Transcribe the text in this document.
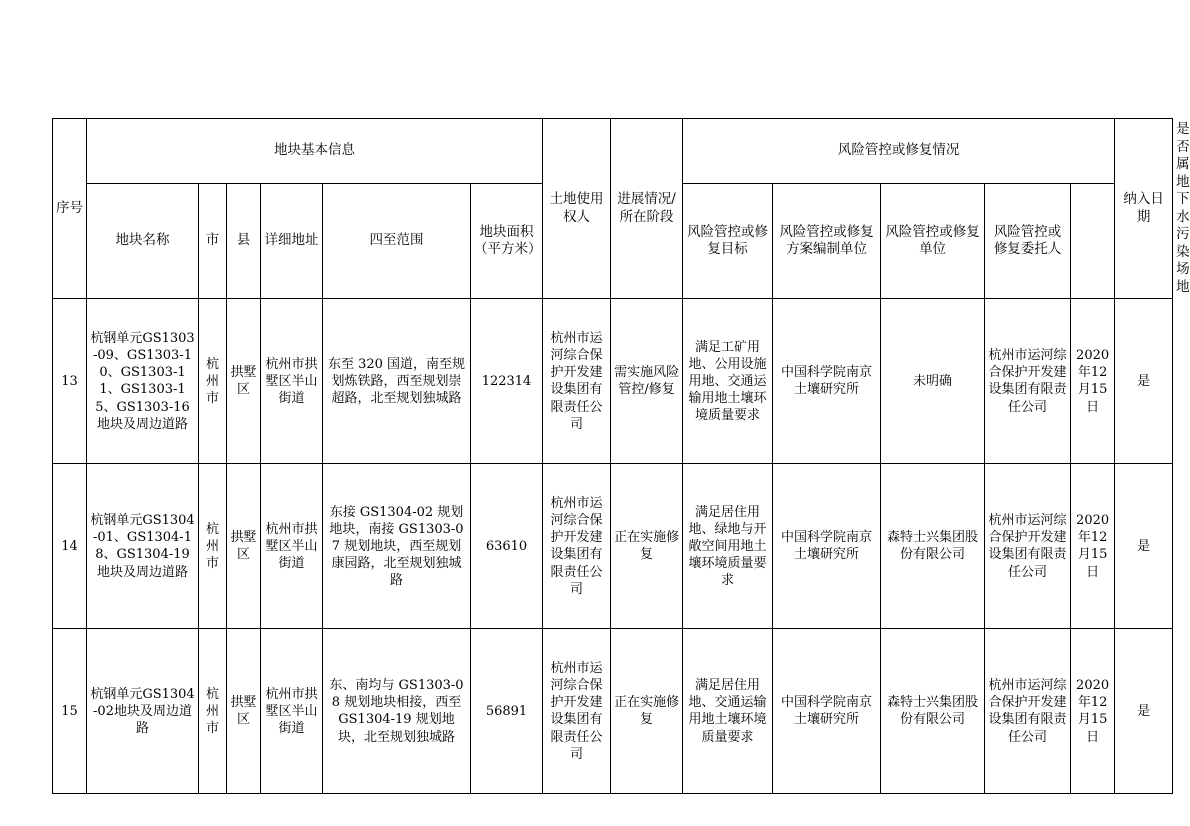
序号	地块基本信息						土地使用权人	进展情况/所在阶段	风险管控或修复情况					纳入日期	是否属地下水污染场地
	地块名称	市	县	详细地址	四至范围	地块面积（平方米）			风险管控或修复目标	风险管控或修复方案编制单位	风险管控或修复单位	风险管控或修复委托人			
13	杭钢单元GS1303-09、GS1303-10、GS1303-11、GS1303-15、GS1303-16地块及周边道路	杭州市	拱墅区	杭州市拱墅区半山街道	东至 320 国道，南至规划炼铁路，西至规划崇超路，北至规划独城路	122314	杭州市运河综合保护开发建设集团有限责任公司	需实施风险管控/修复	满足工矿用地、公用设施用地、交通运输用地土壤环境质量要求	中国科学院南京土壤研究所	未明确	杭州市运河综合保护开发建设集团有限责任公司	2020年12月15日	是	
14	杭钢单元GS1304-01、GS1304-18、GS1304-19地块及周边道路	杭州市	拱墅区	杭州市拱墅区半山街道	东接 GS1304-02 规划地块，南接 GS1303-07 规划地块，西至规划康园路，北至规划独城路	63610	杭州市运河综合保护开发建设集团有限责任公司	正在实施修复	满足居住用地、绿地与开敞空间用地土壤环境质量要求	中国科学院南京土壤研究所	森特士兴集团股份有限公司	杭州市运河综合保护开发建设集团有限责任公司	2020年12月15日	是	
15	杭钢单元GS1304-02地块及周边道路	杭州市	拱墅区	杭州市拱墅区半山街道	东、南均与 GS1303-08 规划地块相接，西至 GS1304-19 规划地块，北至规划独城路	56891	杭州市运河综合保护开发建设集团有限责任公司	正在实施修复	满足居住用地、交通运输用地土壤环境质量要求	中国科学院南京土壤研究所	森特士兴集团股份有限公司	杭州市运河综合保护开发建设集团有限责任公司	2020年12月15日	是	
